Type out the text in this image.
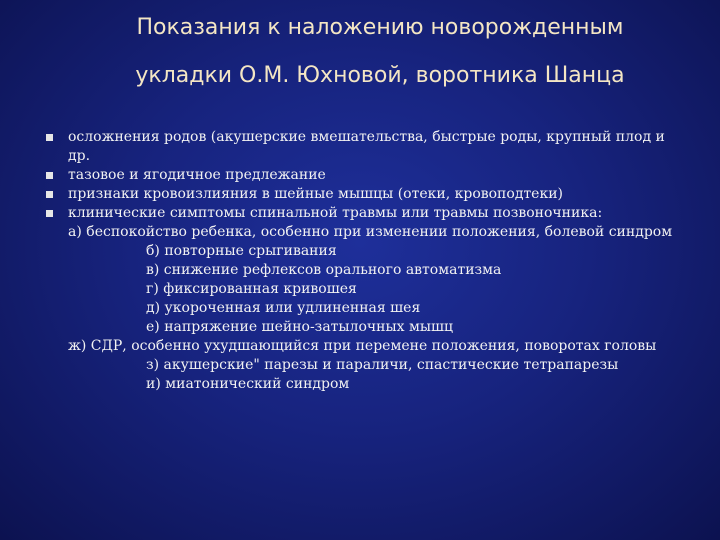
Показания к наложению новорожденным
укладки О.М. Юхновой, воротника Шанца
осложнения родов (акушерские вмешательства, быстрые роды, крупный плод и др.
тазовое и ягодичное предлежание
признаки кровоизлияния в шейные мышцы (отеки, кровоподтеки)
клинические симптомы спинальной травмы или травмы позвоночника:
а) беспокойство ребенка, особенно при изменении положения, болевой синдром
б) повторные срыгивания
в) снижение рефлексов орального автоматизма
г) фиксированная кривошея
д) укороченная или удлиненная шея
е) напряжение шейно-затылочных мышц
ж) СДР, особенно ухудшающийся при перемене положения, поворотах головы
з) акушерские" парезы и параличи, спастические тетрапарезы
и) миатонический синдром
